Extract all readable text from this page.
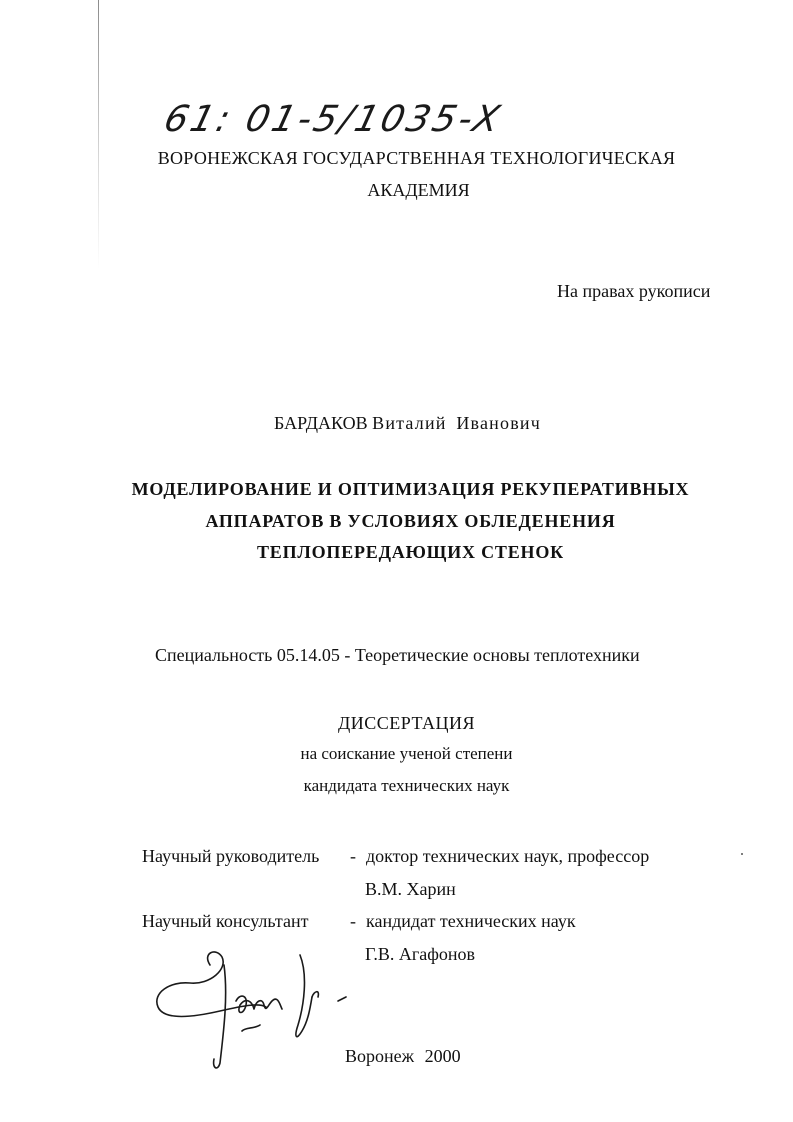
61: 01-5/1035-X
ВОРОНЕЖСКАЯ ГОСУДАРСТВЕННАЯ ТЕХНОЛОГИЧЕСКАЯ
АКАДЕМИЯ
На правах рукописи
БАРДАКОВ Виталий Иванович
МОДЕЛИРОВАНИЕ И ОПТИМИЗАЦИЯ РЕКУПЕРАТИВНЫХ
АППАРАТОВ В УСЛОВИЯХ ОБЛЕДЕНЕНИЯ
ТЕПЛОПЕРЕДАЮЩИХ СТЕНОК
Специальность 05.14.05 - Теоретические основы теплотехники
ДИССЕРТАЦИЯ
на соискание ученой степени
кандидата технических наук
Научный руководитель - доктор технических наук, профессор
В.М. Харин
Научный консультант - кандидат технических наук
Г.В. Агафонов
Воронеж 2000
